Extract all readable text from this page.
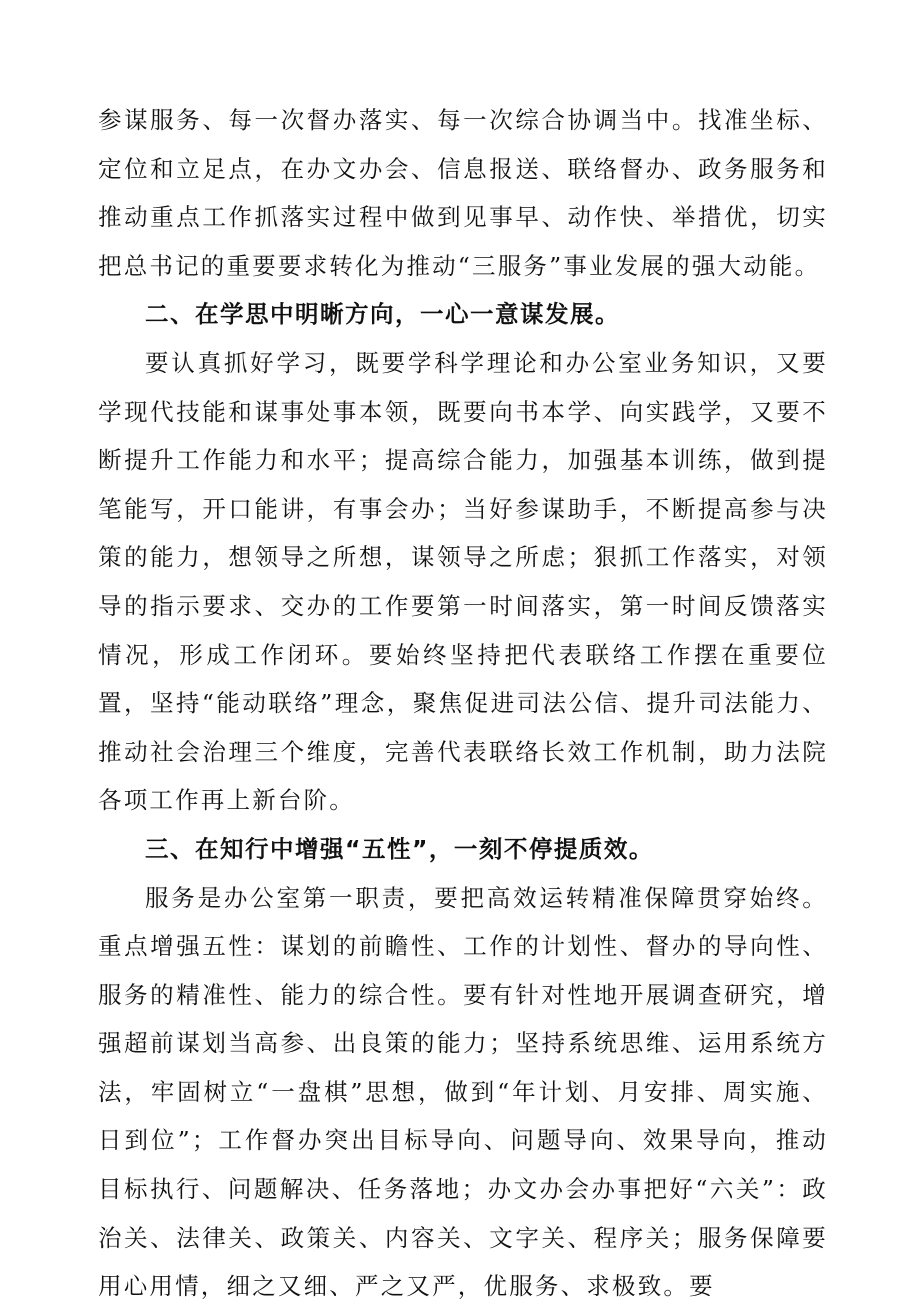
参谋服务、每一次督办落实、每一次综合协调当中。找准坐标、定位和立足点，在办文办会、信息报送、联络督办、政务服务和推动重点工作抓落实过程中做到见事早、动作快、举措优，切实把总书记的重要要求转化为推动“三服务”事业发展的强大动能。

二、在学思中明晰方向，一心一意谋发展。

要认真抓好学习，既要学科学理论和办公室业务知识，又要学现代技能和谋事处事本领，既要向书本学、向实践学，又要不断提升工作能力和水平；提高综合能力，加强基本训练，做到提笔能写，开口能讲，有事会办；当好参谋助手，不断提高参与决策的能力，想领导之所想，谋领导之所虑；狠抓工作落实，对领导的指示要求、交办的工作要第一时间落实，第一时间反馈落实情况，形成工作闭环。要始终坚持把代表联络工作摆在重要位置，坚持“能动联络”理念，聚焦促进司法公信、提升司法能力、推动社会治理三个维度，完善代表联络长效工作机制，助力法院各项工作再上新台阶。

三、在知行中增强“五性”，一刻不停提质效。

服务是办公室第一职责，要把高效运转精准保障贯穿始终。重点增强五性：谋划的前瞻性、工作的计划性、督办的导向性、服务的精准性、能力的综合性。要有针对性地开展调查研究，增强超前谋划当高参、出良策的能力；坚持系统思维、运用系统方法，牢固树立“一盘棋”思想，做到“年计划、月安排、周实施、日到位”；工作督办突出目标导向、问题导向、效果导向，推动目标执行、问题解决、任务落地；办文办会办事把好“六关”：政治关、法律关、政策关、内容关、文字关、程序关；服务保障要用心用情，细之又细、严之又严，优服务、求极致。要
